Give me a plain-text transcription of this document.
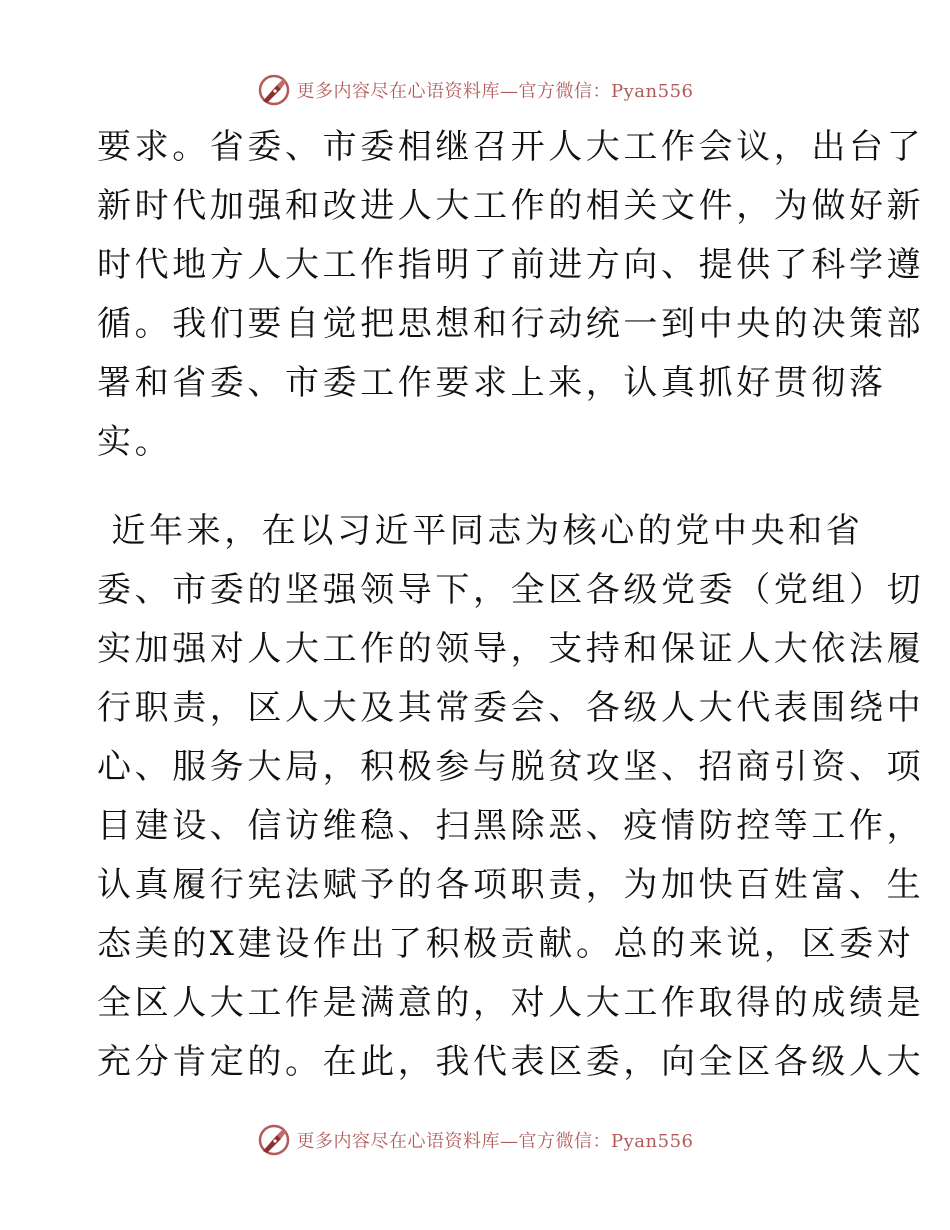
更多内容尽在心语资料库—官方微信：Pyan556
要求。省委、市委相继召开人大工作会议，出台了
新时代加强和改进人大工作的相关文件，为做好新
时代地方人大工作指明了前进方向、提供了科学遵
循。我们要自觉把思想和行动统一到中央的决策部
署和省委、市委工作要求上来，认真抓好贯彻落
实。
近年来，在以习近平同志为核心的党中央和省
委、市委的坚强领导下，全区各级党委（党组）切
实加强对人大工作的领导，支持和保证人大依法履
行职责，区人大及其常委会、各级人大代表围绕中
心、服务大局，积极参与脱贫攻坚、招商引资、项
目建设、信访维稳、扫黑除恶、疫情防控等工作，
认真履行宪法赋予的各项职责，为加快百姓富、生
态美的X建设作出了积极贡献。总的来说，区委对
全区人大工作是满意的，对人大工作取得的成绩是
充分肯定的。在此，我代表区委，向全区各级人大
更多内容尽在心语资料库—官方微信：Pyan556
